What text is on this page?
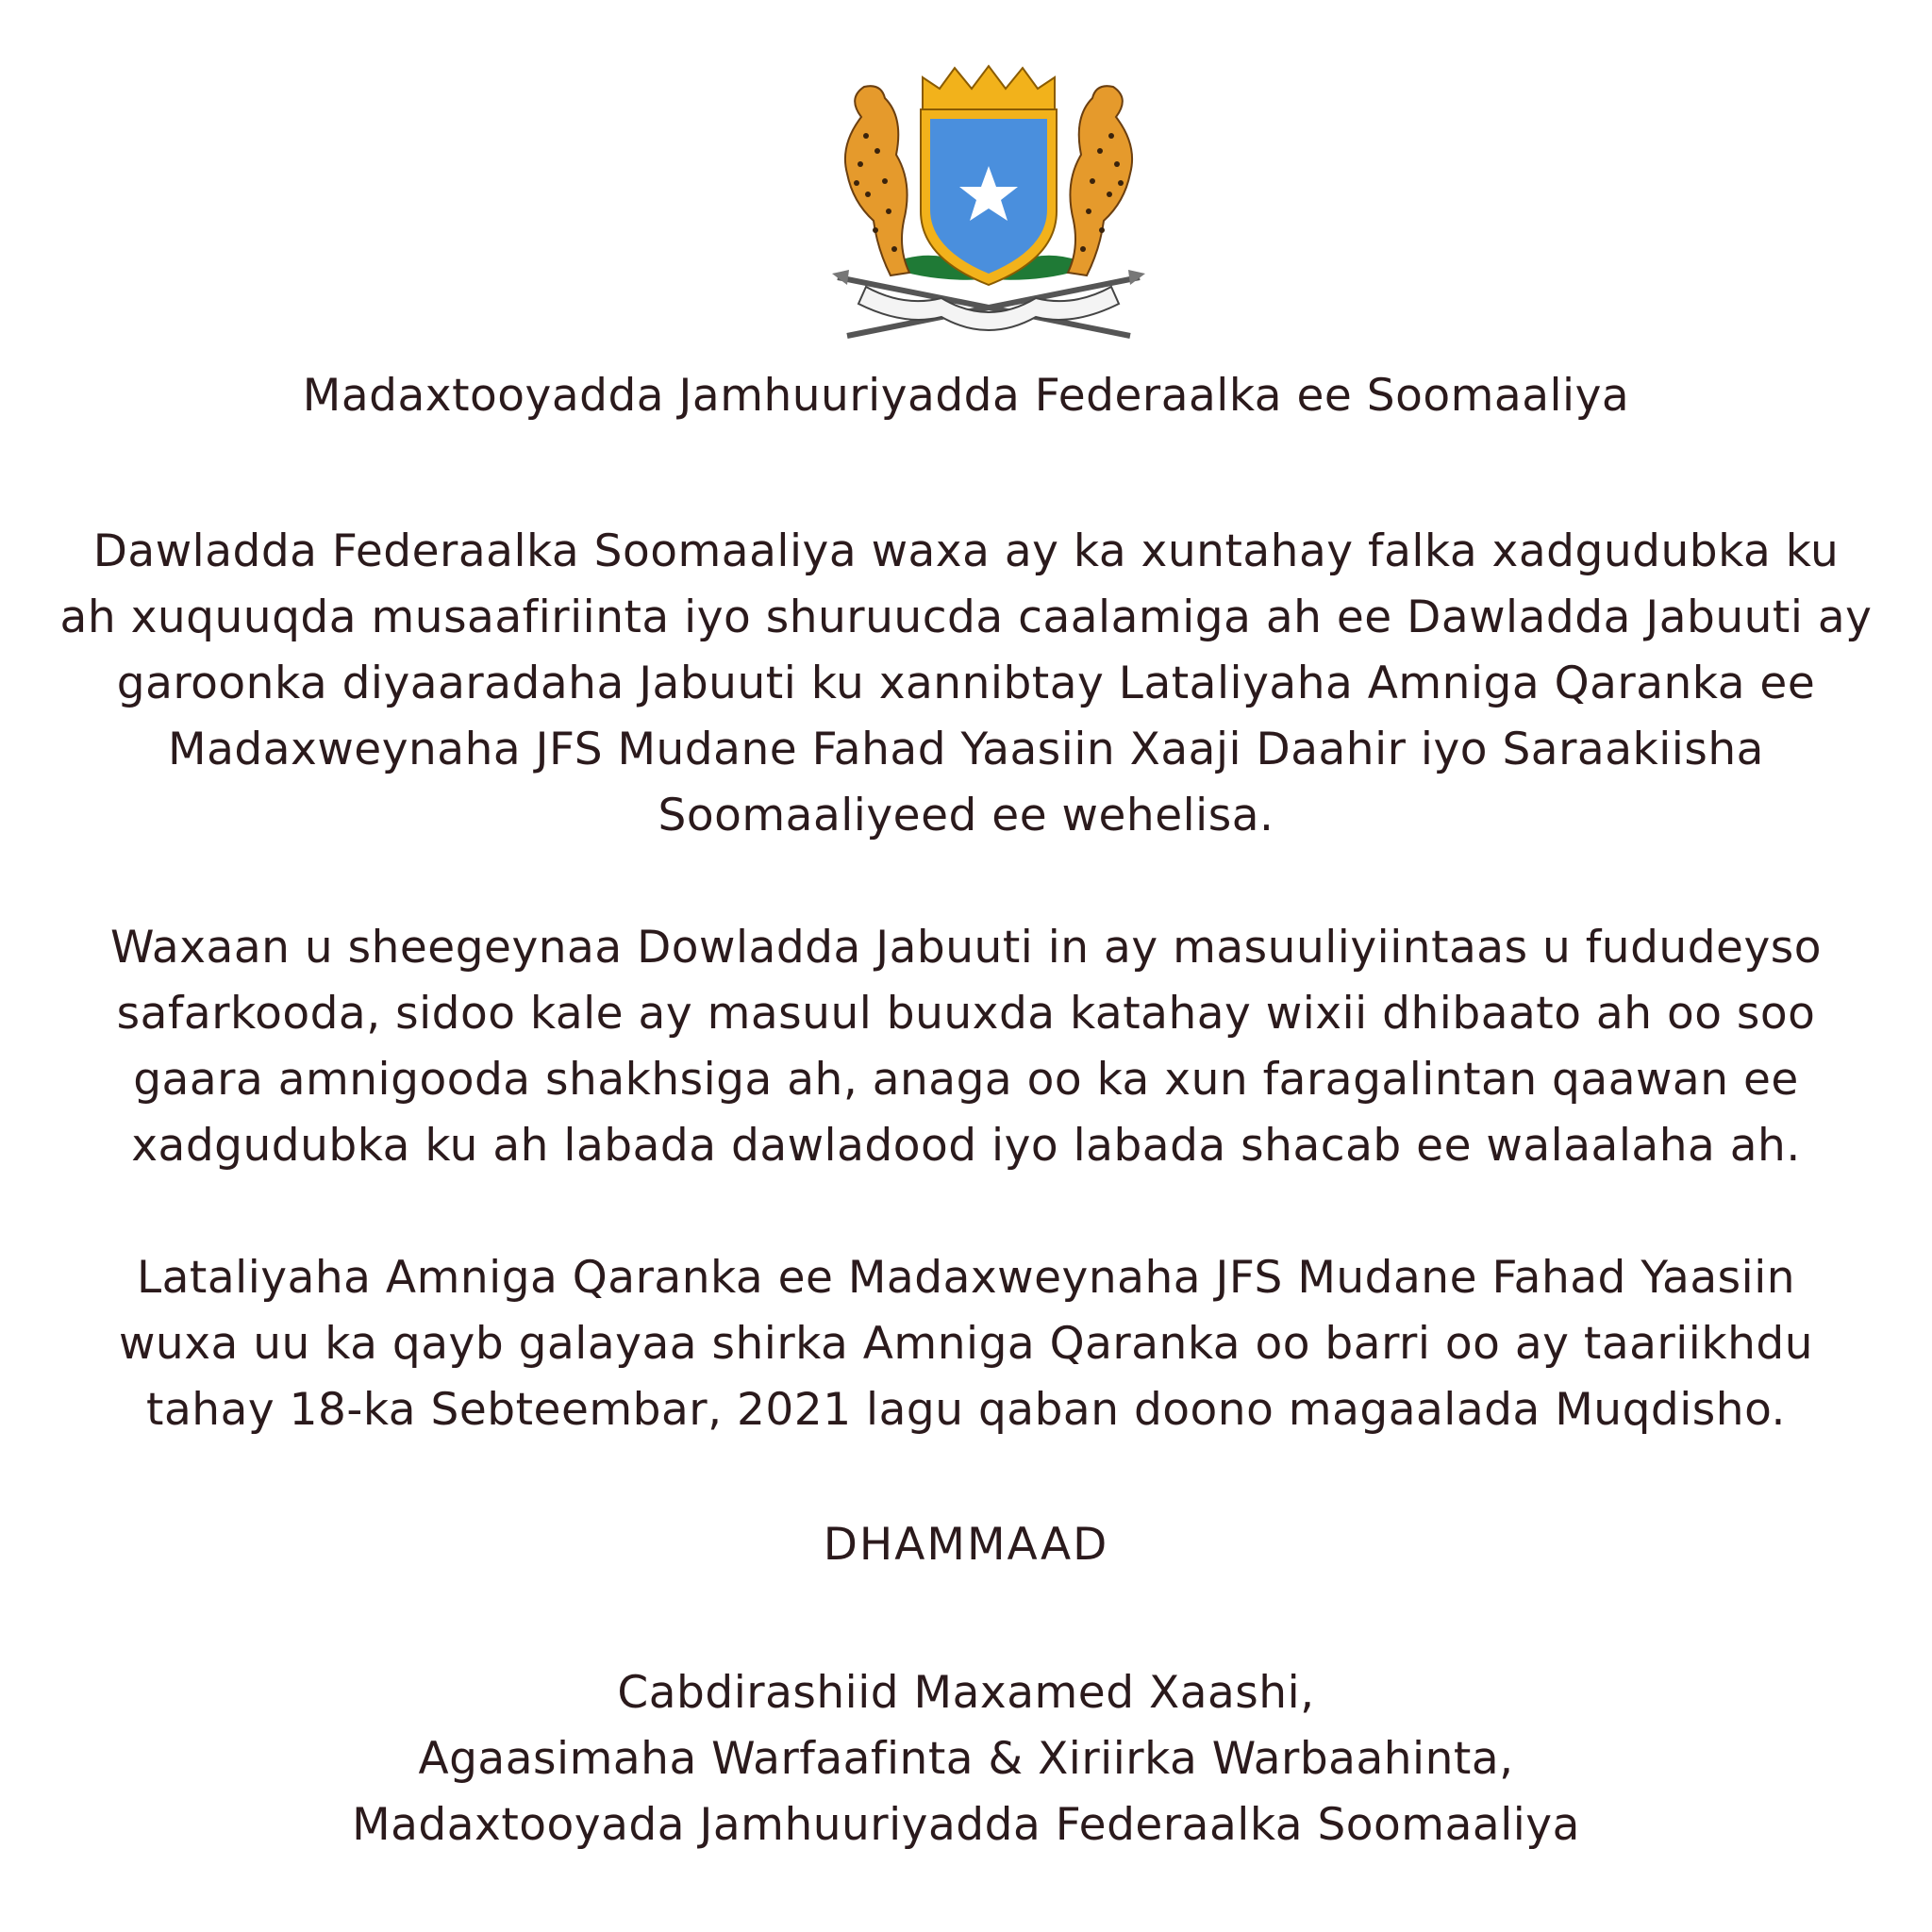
Madaxtooyadda Jamhuuriyadda Federaalka ee Soomaaliya
Dawladda Federaalka Soomaaliya waxa ay ka xuntahay falka xadgudubka ku
ah xuquuqda musaafiriinta iyo shuruucda caalamiga ah ee Dawladda Jabuuti ay
garoonka diyaaradaha Jabuuti ku xannibtay Lataliyaha Amniga Qaranka ee
Madaxweynaha JFS Mudane Fahad Yaasiin Xaaji Daahir iyo Saraakiisha
Soomaaliyeed ee wehelisa.
Waxaan u sheegeynaa Dowladda Jabuuti in ay masuuliyiintaas u fududeyso
safarkooda, sidoo kale ay masuul buuxda katahay wixii dhibaato ah oo soo
gaara amnigooda shakhsiga ah, anaga oo ka xun faragalintan qaawan ee
xadgudubka ku ah labada dawladood iyo labada shacab ee walaalaha ah.
Lataliyaha Amniga Qaranka ee Madaxweynaha JFS Mudane Fahad Yaasiin
wuxa uu ka qayb galayaa shirka Amniga Qaranka oo barri oo ay taariikhdu
tahay 18-ka Sebteembar, 2021 lagu qaban doono magaalada Muqdisho.
DHAMMAAD
Cabdirashiid Maxamed Xaashi,
Agaasimaha Warfaafinta & Xiriirka Warbaahinta,
Madaxtooyada Jamhuuriyadda Federaalka Soomaaliya
